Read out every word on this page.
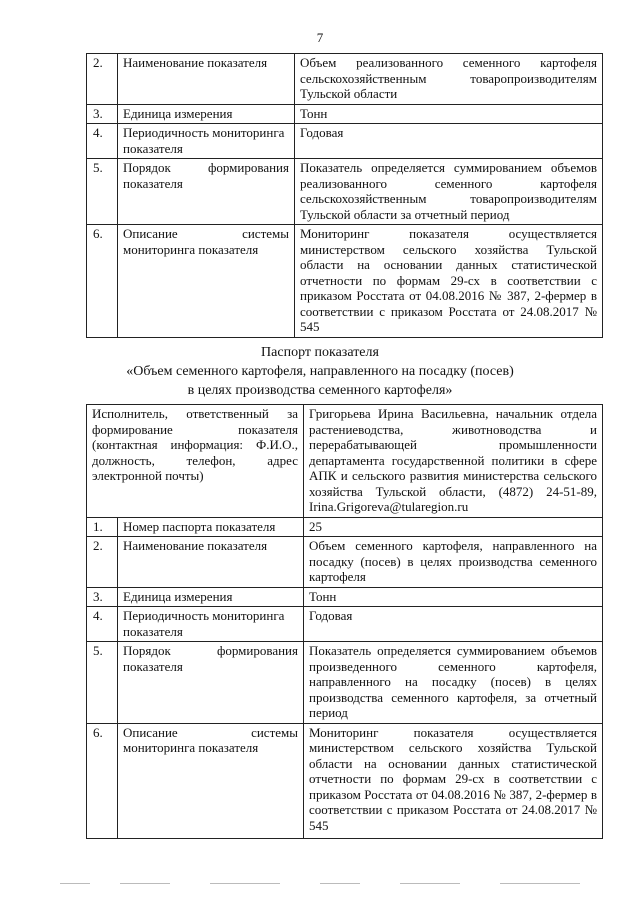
7
2.	Наименование показателя	Объем реализованного семенного картофеля сельскохозяйственным товаропроизводителям Тульской области
3.	Единица измерения	Тонн
4.	Периодичность мониторинга показателя	Годовая
5.	Порядок формирования показателя	Показатель определяется суммированием объемов реализованного семенного картофеля сельскохозяйственным товаропроизводителям Тульской области за отчетный период
6.	Описание системы мониторинга показателя	Мониторинг показателя осуществляется министерством сельского хозяйства Тульской области на основании данных статистической отчетности по формам 29-сх в соответствии с приказом Росстата от 04.08.2016 № 387, 2-фермер в соответствии с приказом Росстата от 24.08.2017 № 545
Паспорт показателя
«Объем семенного картофеля, направленного на посадку (посев)
в целях производства семенного картофеля»
Исполнитель, ответственный за формирование показателя (контактная информация: Ф.И.О., должность, телефон, адрес электронной почты)		Григорьева Ирина Васильевна, начальник отдела растениеводства, животноводства и перерабатывающей промышленности департамента государственной политики в сфере АПК и сельского развития министерства сельского хозяйства Тульской области, (4872) 24-51-89, Irina.Grigoreva@tularegion.ru
1.	Номер паспорта показателя	25
2.	Наименование показателя	Объем семенного картофеля, направленного на посадку (посев) в целях производства семенного картофеля
3.	Единица измерения	Тонн
4.	Периодичность мониторинга показателя	Годовая
5.	Порядок формирования показателя	Показатель определяется суммированием объемов произведенного семенного картофеля, направленного на посадку (посев) в целях производства семенного картофеля, за отчетный период
6.	Описание системы мониторинга показателя	Мониторинг показателя осуществляется министерством сельского хозяйства Тульской области на основании данных статистической отчетности по формам 29-сх в соответствии с приказом Росстата от 04.08.2016 № 387, 2-фермер в соответствии с приказом Росстата от 24.08.2017 № 545
